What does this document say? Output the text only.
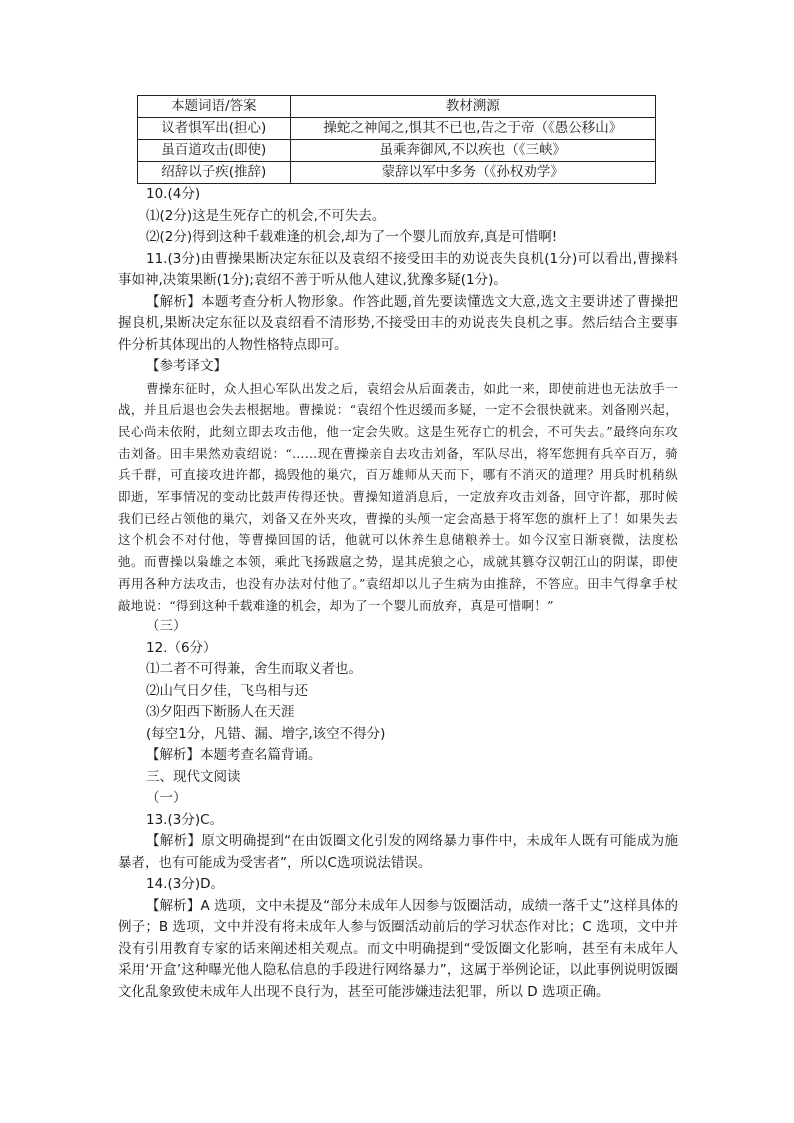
本题词语/答案	教材溯源
议者惧军出(担心)	操蛇之神闻之,惧其不已也,告之于帝（《愚公移山》
虽百道攻击(即使)	虽乘奔御风,不以疾也（《三峡》
绍辞以子疾(推辞)	蒙辞以军中多务（《孙权劝学》

10.(4分)

⑴(2分)这是生死存亡的机会,不可失去。

⑵(2分)得到这种千载难逢的机会,却为了一个婴儿而放弃,真是可惜啊!

11.(3分)由曹操果断决定东征以及袁绍不接受田丰的劝说丧失良机(1分)可以看出,曹操料事如神,决策果断(1分);袁绍不善于听从他人建议,犹豫多疑(1分)。

【解析】本题考查分析人物形象。作答此题,首先要读懂选文大意,选文主要讲述了曹操把握良机,果断决定东征以及袁绍看不清形势,不接受田丰的劝说丧失良机之事。然后结合主要事件分析其体现出的人物性格特点即可。

【参考译文】

曹操东征时，众人担心军队出发之后，袁绍会从后面袭击，如此一来，即使前进也无法放手一战，并且后退也会失去根据地。曹操说：“袁绍个性迟缓而多疑，一定不会很快就来。刘备刚兴起，民心尚未依附，此刻立即去攻击他，他一定会失败。这是生死存亡的机会，不可失去。”最终向东攻击刘备。田丰果然劝袁绍说：“……现在曹操亲自去攻击刘备，军队尽出，将军您拥有兵卒百万，骑兵千群，可直接攻进许都，捣毁他的巢穴，百万雄师从天而下，哪有不消灭的道理？用兵时机稍纵即逝，军事情况的变动比鼓声传得还快。曹操知道消息后，一定放弃攻击刘备，回守许都，那时候我们已经占领他的巢穴，刘备又在外夹攻，曹操的头颅一定会高悬于将军您的旗杆上了！如果失去这个机会不对付他，等曹操回国的话，他就可以休养生息储粮养士。如今汉室日渐衰微，法度松弛。而曹操以枭雄之本领，乘此飞扬跋扈之势，逞其虎狼之心，成就其篡夺汉朝江山的阴谋，即使再用各种方法攻击，也没有办法对付他了。”袁绍却以儿子生病为由推辞，不答应。田丰气得拿手杖敲地说：“得到这种千载难逢的机会，却为了一个婴儿而放弃，真是可惜啊！”

（三）

12.（6分）

⑴二者不可得兼，舍生而取义者也。

⑵山气日夕佳，飞鸟相与还

⑶夕阳西下断肠人在天涯

(每空1分，凡错、漏、增字,该空不得分)

【解析】本题考查名篇背诵。

三、现代文阅读

（一）

13.(3分)C。

【解析】原文明确提到“在由饭圈文化引发的网络暴力事件中，未成年人既有可能成为施暴者，也有可能成为受害者”，所以C选项说法错误。

14.(3分)D。

【解析】A 选项，文中未提及“部分未成年人因参与饭圈活动，成绩一落千丈”这样具体的例子；B 选项，文中并没有将未成年人参与饭圈活动前后的学习状态作对比；C 选项，文中并没有引用教育专家的话来阐述相关观点。而文中明确提到“受饭圈文化影响，甚至有未成年人采用‘开盒’这种曝光他人隐私信息的手段进行网络暴力”，这属于举例论证，以此事例说明饭圈文化乱象致使未成年人出现不良行为，甚至可能涉嫌违法犯罪，所以 D 选项正确。
